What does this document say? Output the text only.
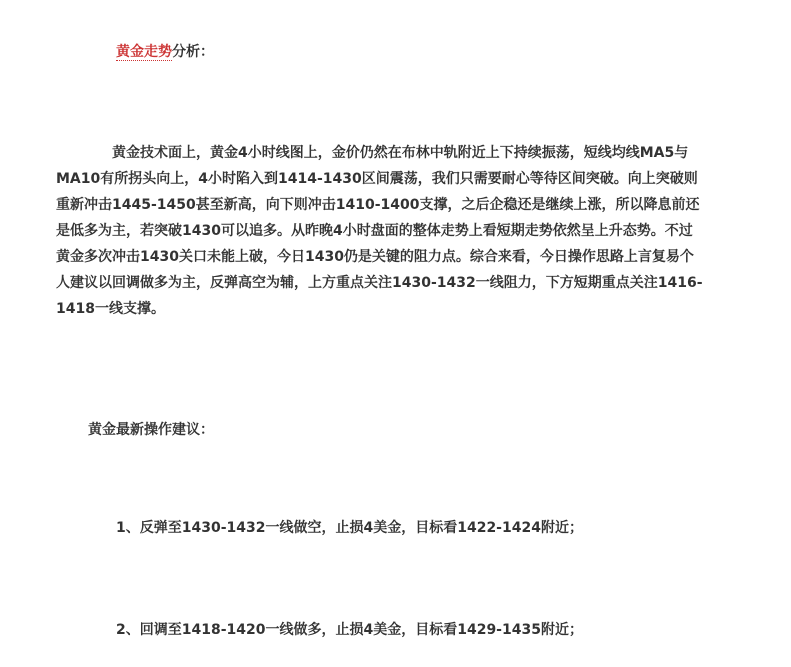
黄金走势分析：
　　　　黄金技术面上，黄金4小时线图上，金价仍然在布林中轨附近上下持续振荡，短线均线MA5与
MA10有所拐头向上，4小时陷入到1414-1430区间震荡，我们只需要耐心等待区间突破。向上突破则
重新冲击1445-1450甚至新高，向下则冲击1410-1400支撑，之后企稳还是继续上涨，所以降息前还
是低多为主，若突破1430可以追多。从昨晚4小时盘面的整体走势上看短期走势依然呈上升态势。不过
黄金多次冲击1430关口未能上破，今日1430仍是关键的阻力点。综合来看，今日操作思路上言复易个
人建议以回调做多为主，反弹高空为辅，上方重点关注1430-1432一线阻力，下方短期重点关注1416-
1418一线支撑。
黄金最新操作建议：
1、反弹至1430-1432一线做空，止损4美金，目标看1422-1424附近；
2、回调至1418-1420一线做多，止损4美金，目标看1429-1435附近；
